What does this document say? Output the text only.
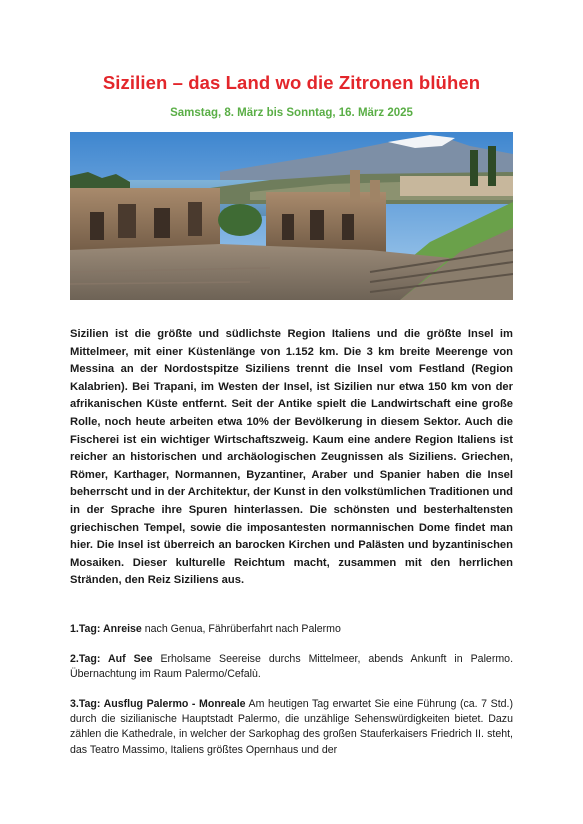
Sizilien – das Land wo die Zitronen blühen
Samstag, 8. März bis Sonntag, 16. März 2025
Sizilien ist die größte und südlichste Region Italiens und die größte Insel im Mittelmeer, mit einer Küstenlänge von 1.152 km. Die 3 km breite Meerenge von Messina an der Nordostspitze Siziliens trennt die Insel vom Festland (Region Kalabrien). Bei Trapani, im Westen der Insel, ist Sizilien nur etwa 150 km von der afrikanischen Küste entfernt. Seit der Antike spielt die Landwirtschaft eine große Rolle, noch heute arbeiten etwa 10% der Bevölkerung in diesem Sektor. Auch die Fischerei ist ein wichtiger Wirtschaftszweig. Kaum eine andere Region Italiens ist reicher an historischen und archäologischen Zeugnissen als Siziliens. Griechen, Römer, Karthager, Normannen, Byzantiner, Araber und Spanier haben die Insel beherrscht und in der Architektur, der Kunst in den volkstümlichen Traditionen und in der Sprache ihre Spuren hinterlassen. Die schönsten und besterhaltensten griechischen Tempel, sowie die imposantesten normannischen Dome findet man hier. Die Insel ist überreich an barocken Kirchen und Palästen und byzantinischen Mosaiken. Dieser kulturelle Reichtum macht, zusammen mit den herrlichen Stränden, den Reiz Siziliens aus.
1.Tag: Anreise nach Genua, Fährüberfahrt nach Palermo
2.Tag: Auf See Erholsame Seereise durchs Mittelmeer, abends Ankunft in Palermo. Übernachtung im Raum Palermo/Cefalù.
3.Tag: Ausflug Palermo - Monreale Am heutigen Tag erwartet Sie eine Führung (ca. 7 Std.) durch die sizilianische Hauptstadt Palermo, die unzählige Sehenswürdigkeiten bietet. Dazu zählen die Kathedrale, in welcher der Sarkophag des großen Stauferkaisers Friedrich II. steht, das Teatro Massimo, Italiens größtes Opernhaus und der
